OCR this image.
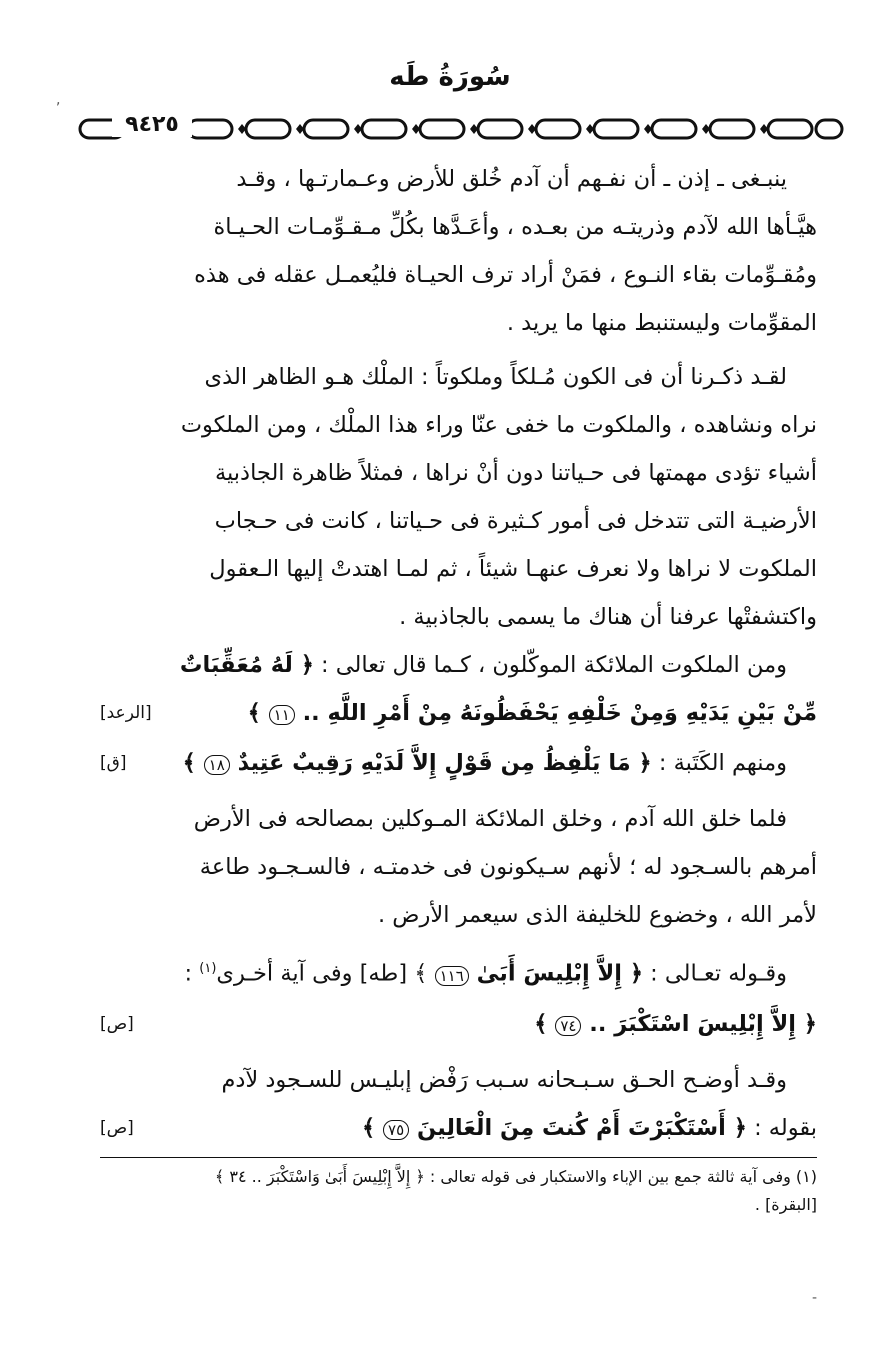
سُورَةُ طَه
٩٤٢٥

ينبـغى ـ إذن ـ أن نفـهم أن آدم خُلق للأرض وعـمارتـها ، وقـد

هيَّـأها الله لآدم وذريتـه من بعـده ، وأعَـدَّها بكُلِّ مـقـوِّمـات الحـيـاة

ومُقـوِّمات بقاء النـوع ، فمَنْ أراد ترف الحيـاة فليُعمـل عقله فى هذه

المقوِّمات وليستنبط منها ما يريد .

لقـد ذكـرنا أن فى الكون مُـلكاً وملكوتاً : الملْك هـو الظاهر الذى

نراه ونشاهده ، والملكوت ما خفى عنّا وراء هذا الملْك ، ومن الملكوت

أشياء تؤدى مهمتها فى حـياتنا دون أنْ نراها ، فمثلاً ظاهرة الجاذبية

الأرضيـة التى تتدخل فى أمور كـثيرة فى حـياتنا ، كانت فى حـجاب

الملكوت لا نراها ولا نعرف عنهـا شيئاً ، ثم لمـا اهتدتْ إليها الـعقول

واكتشفتْها عرفنا أن هناك ما يسمى بالجاذبية .

ومن الملكوت الملائكة الموكّلون ، كـما قال تعالى : ﴿ لَهُ مُعَقِّبَاتٌ

مِّنْ بَيْنِ يَدَيْهِ وَمِنْ خَلْفِهِ يَحْفَظُونَهُ مِنْ أَمْرِ اللَّهِ .. ١١ ﴾
[الرعد]
ومنهم الكَتَبة : ﴿ مَا يَلْفِظُ مِن قَوْلٍ إِلاَّ لَدَيْهِ رَقِيبٌ عَتِيدٌ ١٨ ﴾
[ق]

فلما خلق الله آدم ، وخلق الملائكة المـوكلين بمصالحه فى الأرض

أمرهم بالسـجود له ؛ لأنهم سـيكونون فى خدمتـه ، فالسـجـود طاعة

لأمر الله ، وخضوع للخليفة الذى سيعمر الأرض .

وقـوله تعـالى : ﴿ إِلاَّ إِبْلِيسَ أَبَىٰ ١١٦ ﴾ [طه] وفى آية أخـرى$^{(١)}$ :

﴿ إِلاَّ إِبْلِيسَ اسْتَكْبَرَ .. ٧٤ ﴾
[ص]

وقـد أوضـح الحـق سـبـحانه سـبب رَفْض إبليـس للسـجود لآدم

بقوله : ﴿ أَسْتَكْبَرْتَ أَمْ كُنتَ مِنَ الْعَالِينَ ٧٥ ﴾
[ص]
(١) وفى آية ثالثة جمع بين الإباء والاستكبار فى قوله تعالى : ﴿ إِلاَّ إِبْلِيسَ أَبَىٰ وَاسْتَكْبَرَ .. ٣٤ ﴾
[البقرة] .
,
-
